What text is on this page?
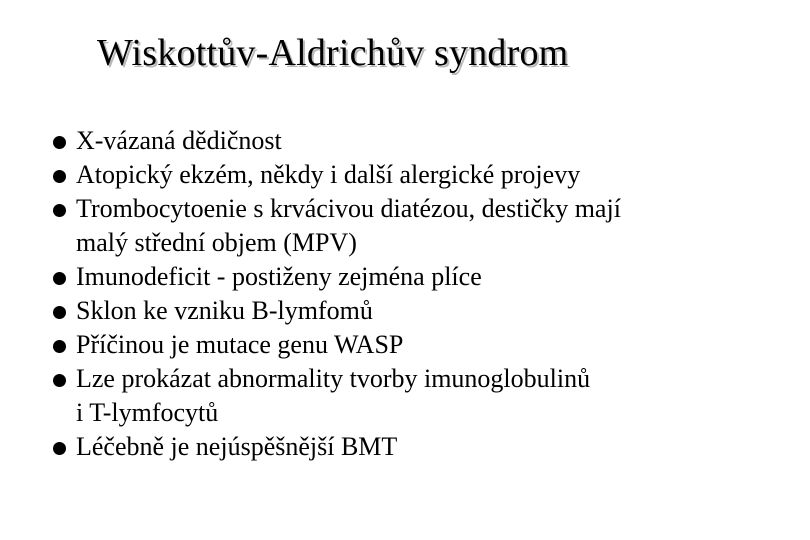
Wiskottův-Aldrichův syndrom
X-vázaná dědičnost
Atopický ekzém, někdy i další alergické projevy
Trombocytoenie s krvácivou diatézou, destičky mají
malý střední objem (MPV)
Imunodeficit - postiženy zejména plíce
Sklon ke vzniku B-lymfomů
Příčinou je mutace genu WASP
Lze prokázat abnormality tvorby imunoglobulinů
i T-lymfocytů
Léčebně je nejúspěšnější BMT
